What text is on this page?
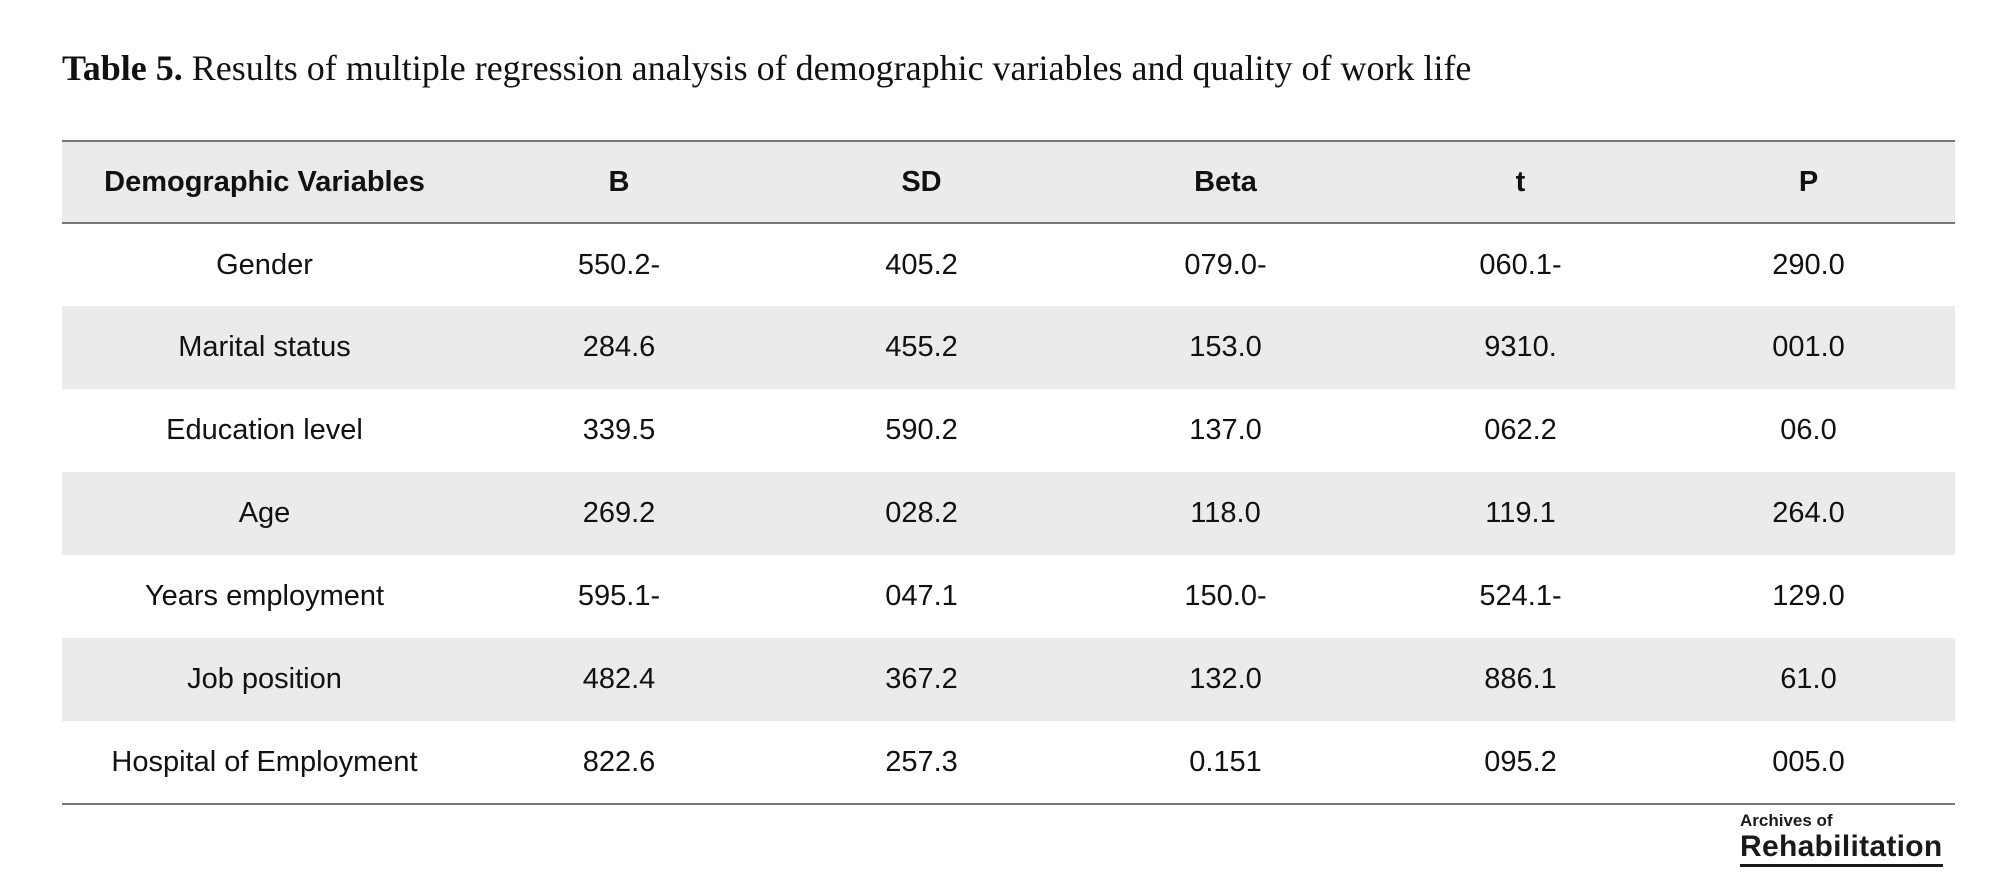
Table 5. Results of multiple regression analysis of demographic variables and quality of work life
Demographic Variables	B	SD	Beta	t	P
Gender	550.2-	405.2	079.0-	060.1-	290.0
Marital status	284.6	455.2	153.0	9310.	001.0
Education level	339.5	590.2	137.0	062.2	06.0
Age	269.2	028.2	118.0	119.1	264.0
Years employment	595.1-	047.1	150.0-	524.1-	129.0
Job position	482.4	367.2	132.0	886.1	61.0
Hospital of Employment	822.6	257.3	0.151	095.2	005.0
Archives of
Rehabilitation
